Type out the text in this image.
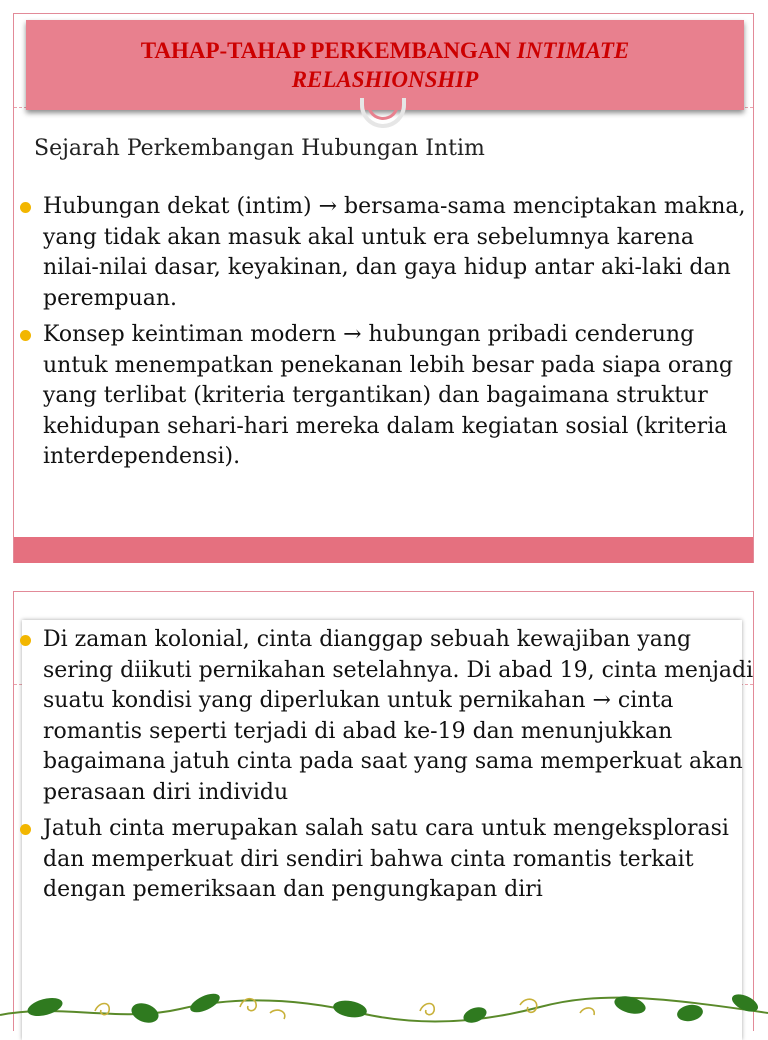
TAHAP-TAHAP PERKEMBANGAN INTIMATE
RELASHIONSHIP
Sejarah Perkembangan Hubungan Intim
Hubungan dekat (intim) → bersama-sama menciptakan makna, yang tidak akan masuk akal untuk era sebelumnya karena nilai-nilai dasar, keyakinan, dan gaya hidup antar aki-laki dan perempuan.
Konsep keintiman modern → hubungan pribadi cenderung untuk menempatkan penekanan lebih besar pada siapa orang yang terlibat (kriteria tergantikan) dan bagaimana struktur kehidupan sehari-hari mereka dalam kegiatan sosial (kriteria interdependensi).
Di zaman kolonial, cinta dianggap sebuah kewajiban yang sering diikuti pernikahan setelahnya. Di abad 19, cinta menjadi suatu kondisi yang diperlukan untuk pernikahan → cinta romantis seperti terjadi di abad ke-19 dan menunjukkan bagaimana jatuh cinta pada saat yang sama memperkuat akan perasaan diri individu
Jatuh cinta merupakan salah satu cara untuk mengeksplorasi dan memperkuat diri sendiri bahwa cinta romantis terkait dengan pemeriksaan dan pengungkapan diri
